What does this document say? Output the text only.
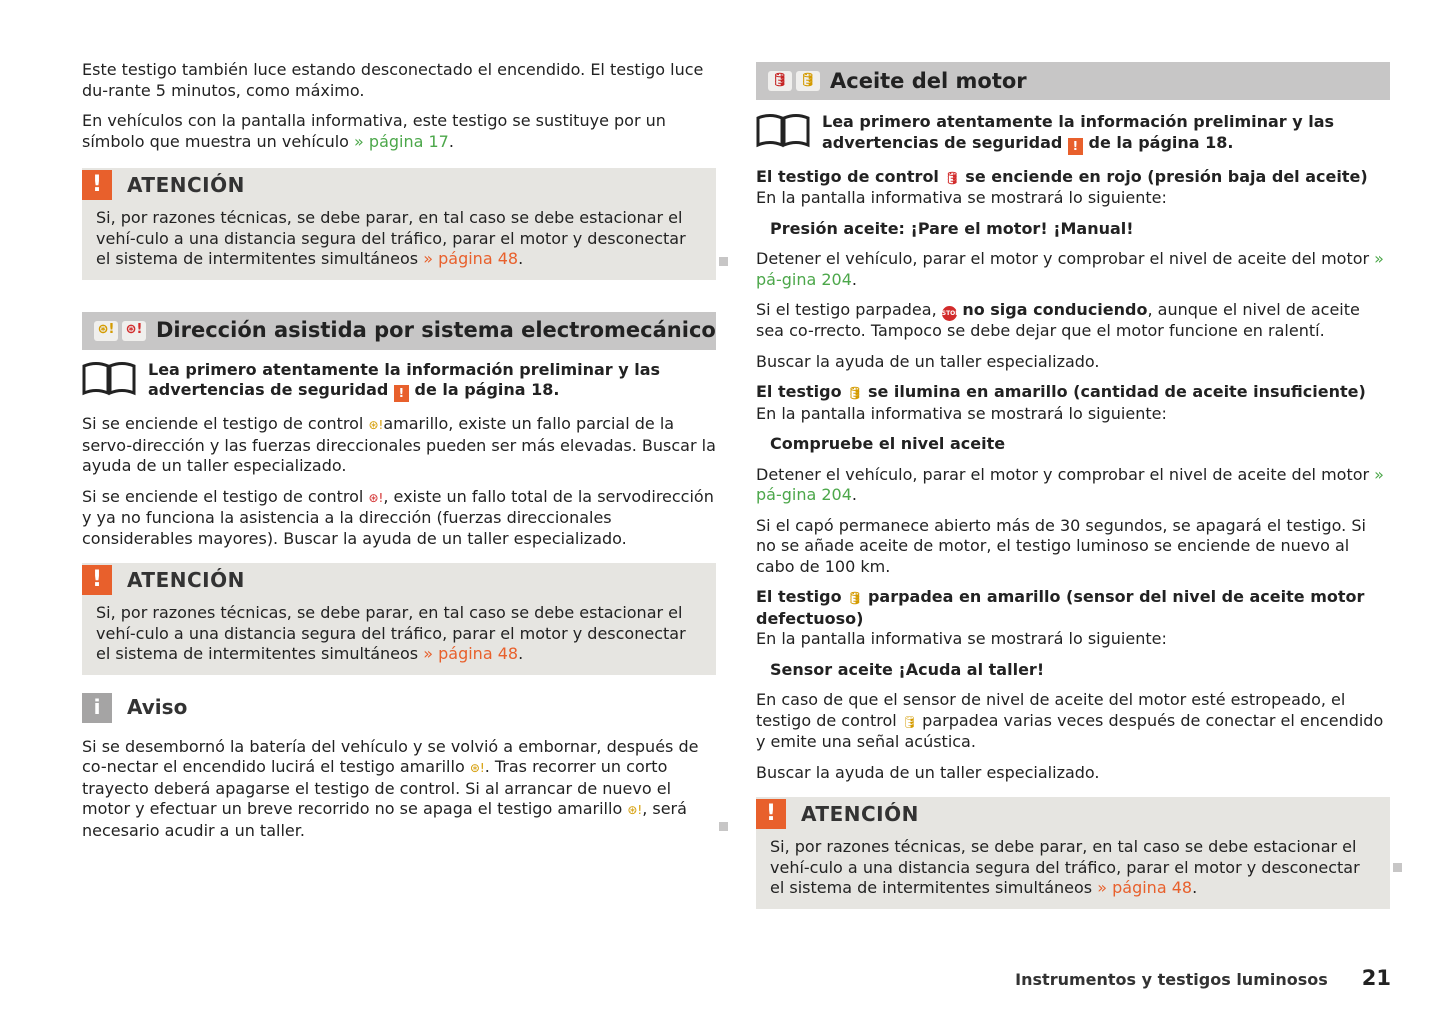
Este testigo también luce estando desconectado el encendido. El testigo luce du-rante 5 minutos, como máximo.

En vehículos con la pantalla informativa, este testigo se sustituye por un símbolo que muestra un vehículo » página 17.

!	ATENCIÓN
Si, por razones técnicas, se debe parar, en tal caso se debe estacionar el vehí-culo a una distancia segura del tráfico, parar el motor y desconectar el sistema de intermitentes simultáneos » página 48.
⊛! ⊛! Dirección asistida por sistema electromecánico
Lea primero atentamente la información preliminar y las advertencias de seguridad ! de la página 18.

Si se enciende el testigo de control ⊛!amarillo, existe un fallo parcial de la servo-dirección y las fuerzas direccionales pueden ser más elevadas. Buscar la ayuda de un taller especializado.

Si se enciende el testigo de control ⊛!, existe un fallo total de la servodirección y ya no funciona la asistencia a la dirección (fuerzas direccionales considerables mayores). Buscar la ayuda de un taller especializado.

!	ATENCIÓN
Si, por razones técnicas, se debe parar, en tal caso se debe estacionar el vehí-culo a una distancia segura del tráfico, parar el motor y desconectar el sistema de intermitentes simultáneos » página 48.
i	Aviso

Si se desembornó la batería del vehículo y se volvió a embornar, después de co-nectar el encendido lucirá el testigo amarillo ⊛!. Tras recorrer un corto trayecto deberá apagarse el testigo de control. Si al arrancar de nuevo el motor y efectuar un breve recorrido no se apaga el testigo amarillo ⊛!, será necesario acudir a un taller.

🛢 🛢 Aceite del motor
Lea primero atentamente la información preliminar y las advertencias de seguridad ! de la página 18.

El testigo de control 🛢 se enciende en rojo (presión baja del aceite)

En la pantalla informativa se mostrará lo siguiente:

Presión aceite: ¡Pare el motor! ¡Manual!

Detener el vehículo, parar el motor y comprobar el nivel de aceite del motor » pá-gina 204.

Si el testigo parpadea, STOP no siga conduciendo, aunque el nivel de aceite sea co-rrecto. Tampoco se debe dejar que el motor funcione en ralentí.

Buscar la ayuda de un taller especializado.

El testigo 🛢 se ilumina en amarillo (cantidad de aceite insuficiente)

En la pantalla informativa se mostrará lo siguiente:

Compruebe el nivel aceite

Detener el vehículo, parar el motor y comprobar el nivel de aceite del motor » pá-gina 204.

Si el capó permanece abierto más de 30 segundos, se apagará el testigo. Si no se añade aceite de motor, el testigo luminoso se enciende de nuevo al cabo de 100 km.

El testigo 🛢 parpadea en amarillo (sensor del nivel de aceite motor defectuoso)

En la pantalla informativa se mostrará lo siguiente:

Sensor aceite ¡Acuda al taller!

En caso de que el sensor de nivel de aceite del motor esté estropeado, el testigo de control 🛢 parpadea varias veces después de conectar el encendido y emite una señal acústica.

Buscar la ayuda de un taller especializado.

!	ATENCIÓN
Si, por razones técnicas, se debe parar, en tal caso se debe estacionar el vehí-culo a una distancia segura del tráfico, parar el motor y desconectar el sistema de intermitentes simultáneos » página 48.
Instrumentos y testigos luminosos 21
